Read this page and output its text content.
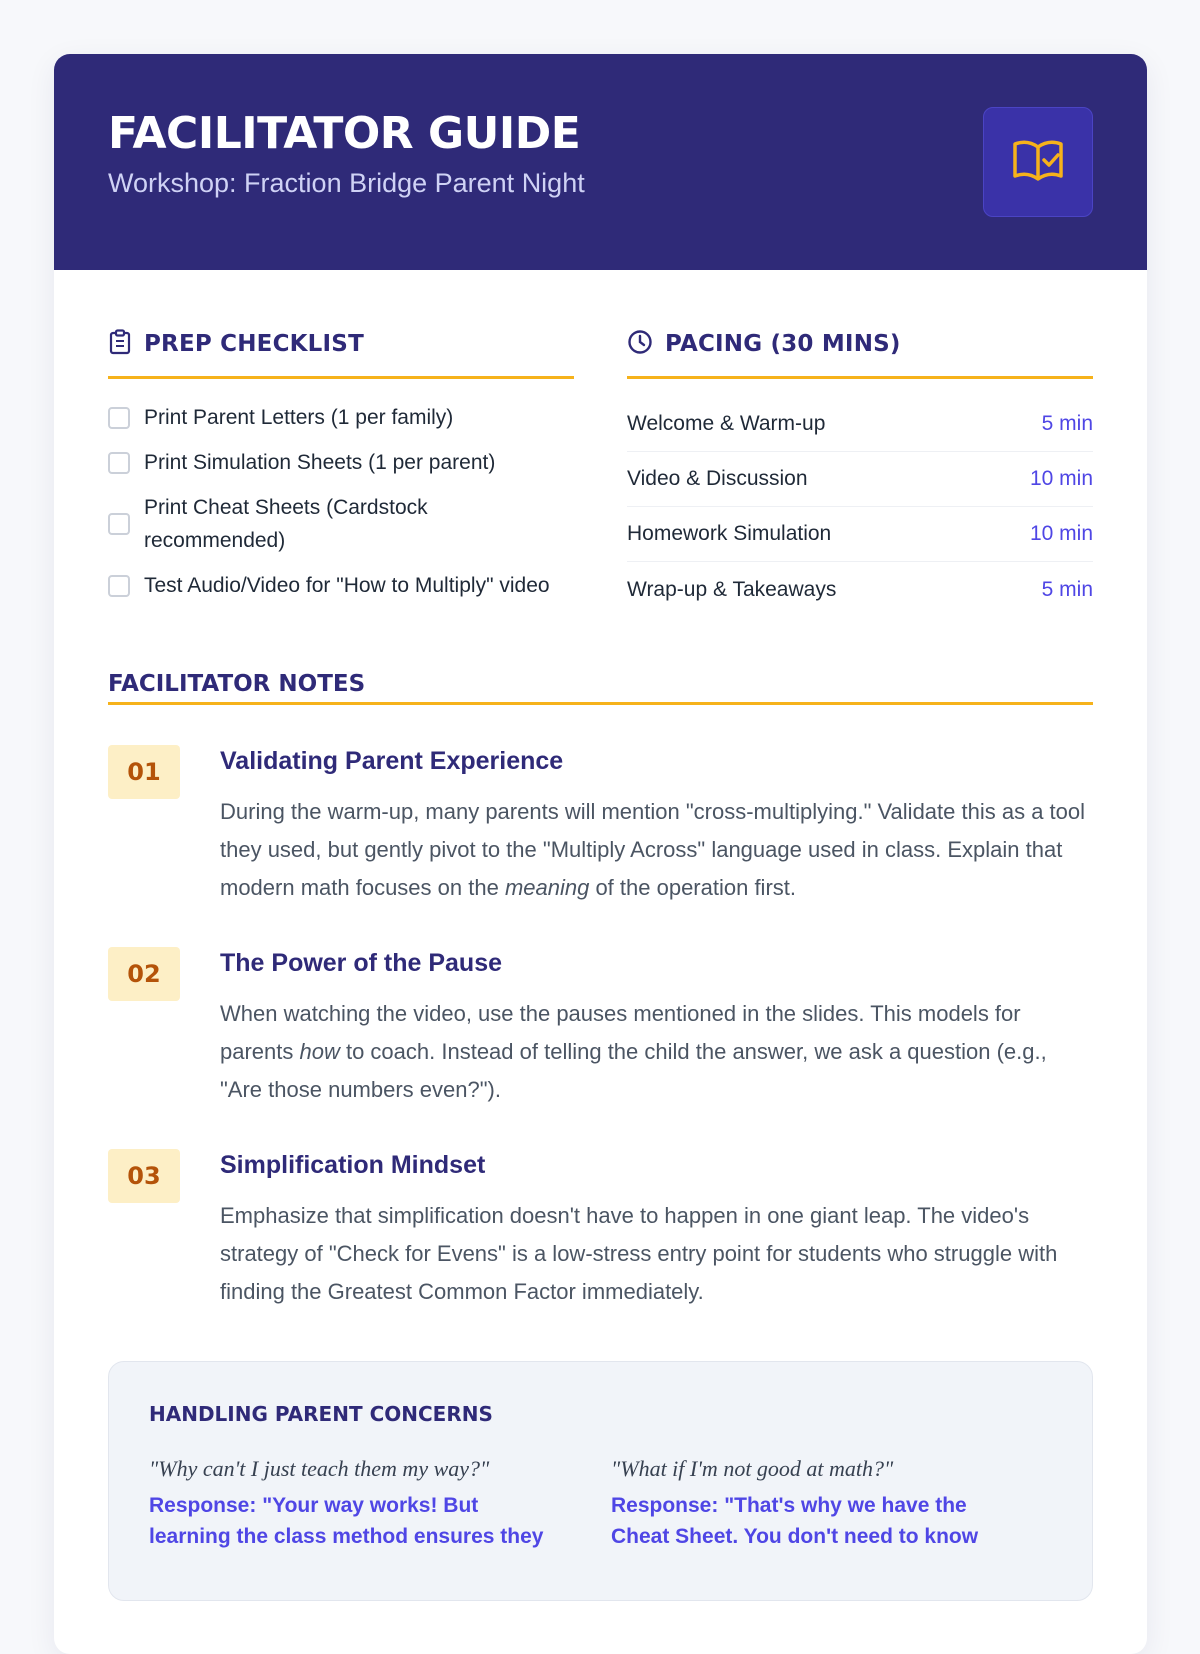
FACILITATOR GUIDE
Workshop: Fraction Bridge Parent Night
PREP CHECKLIST
Print Parent Letters (1 per family)
Print Simulation Sheets (1 per parent)
Print Cheat Sheets (Cardstock recommended)
Test Audio/Video for "How to Multiply" video
PACING (30 MINS)
Welcome & Warm-up	5 min
Video & Discussion	10 min
Homework Simulation	10 min
Wrap-up & Takeaways	5 min
FACILITATOR NOTES
01	Validating Parent Experience
During the warm-up, many parents will mention "cross-multiplying." Validate this as a tool they used, but gently pivot to the "Multiply Across" language used in class. Explain that modern math focuses on the meaning of the operation first.
02	The Power of the Pause
When watching the video, use the pauses mentioned in the slides. This models for parents how to coach. Instead of telling the child the answer, we ask a question (e.g., "Are those numbers even?").
03	Simplification Mindset
Emphasize that simplification doesn't have to happen in one giant leap. The video's strategy of "Check for Evens" is a low-stress entry point for students who struggle with finding the Greatest Common Factor immediately.
HANDLING PARENT CONCERNS
"Why can't I just teach them my way?"
Response: "Your way works! But learning the class method ensures they
"What if I'm not good at math?"
Response: "That's why we have the Cheat Sheet. You don't need to know
